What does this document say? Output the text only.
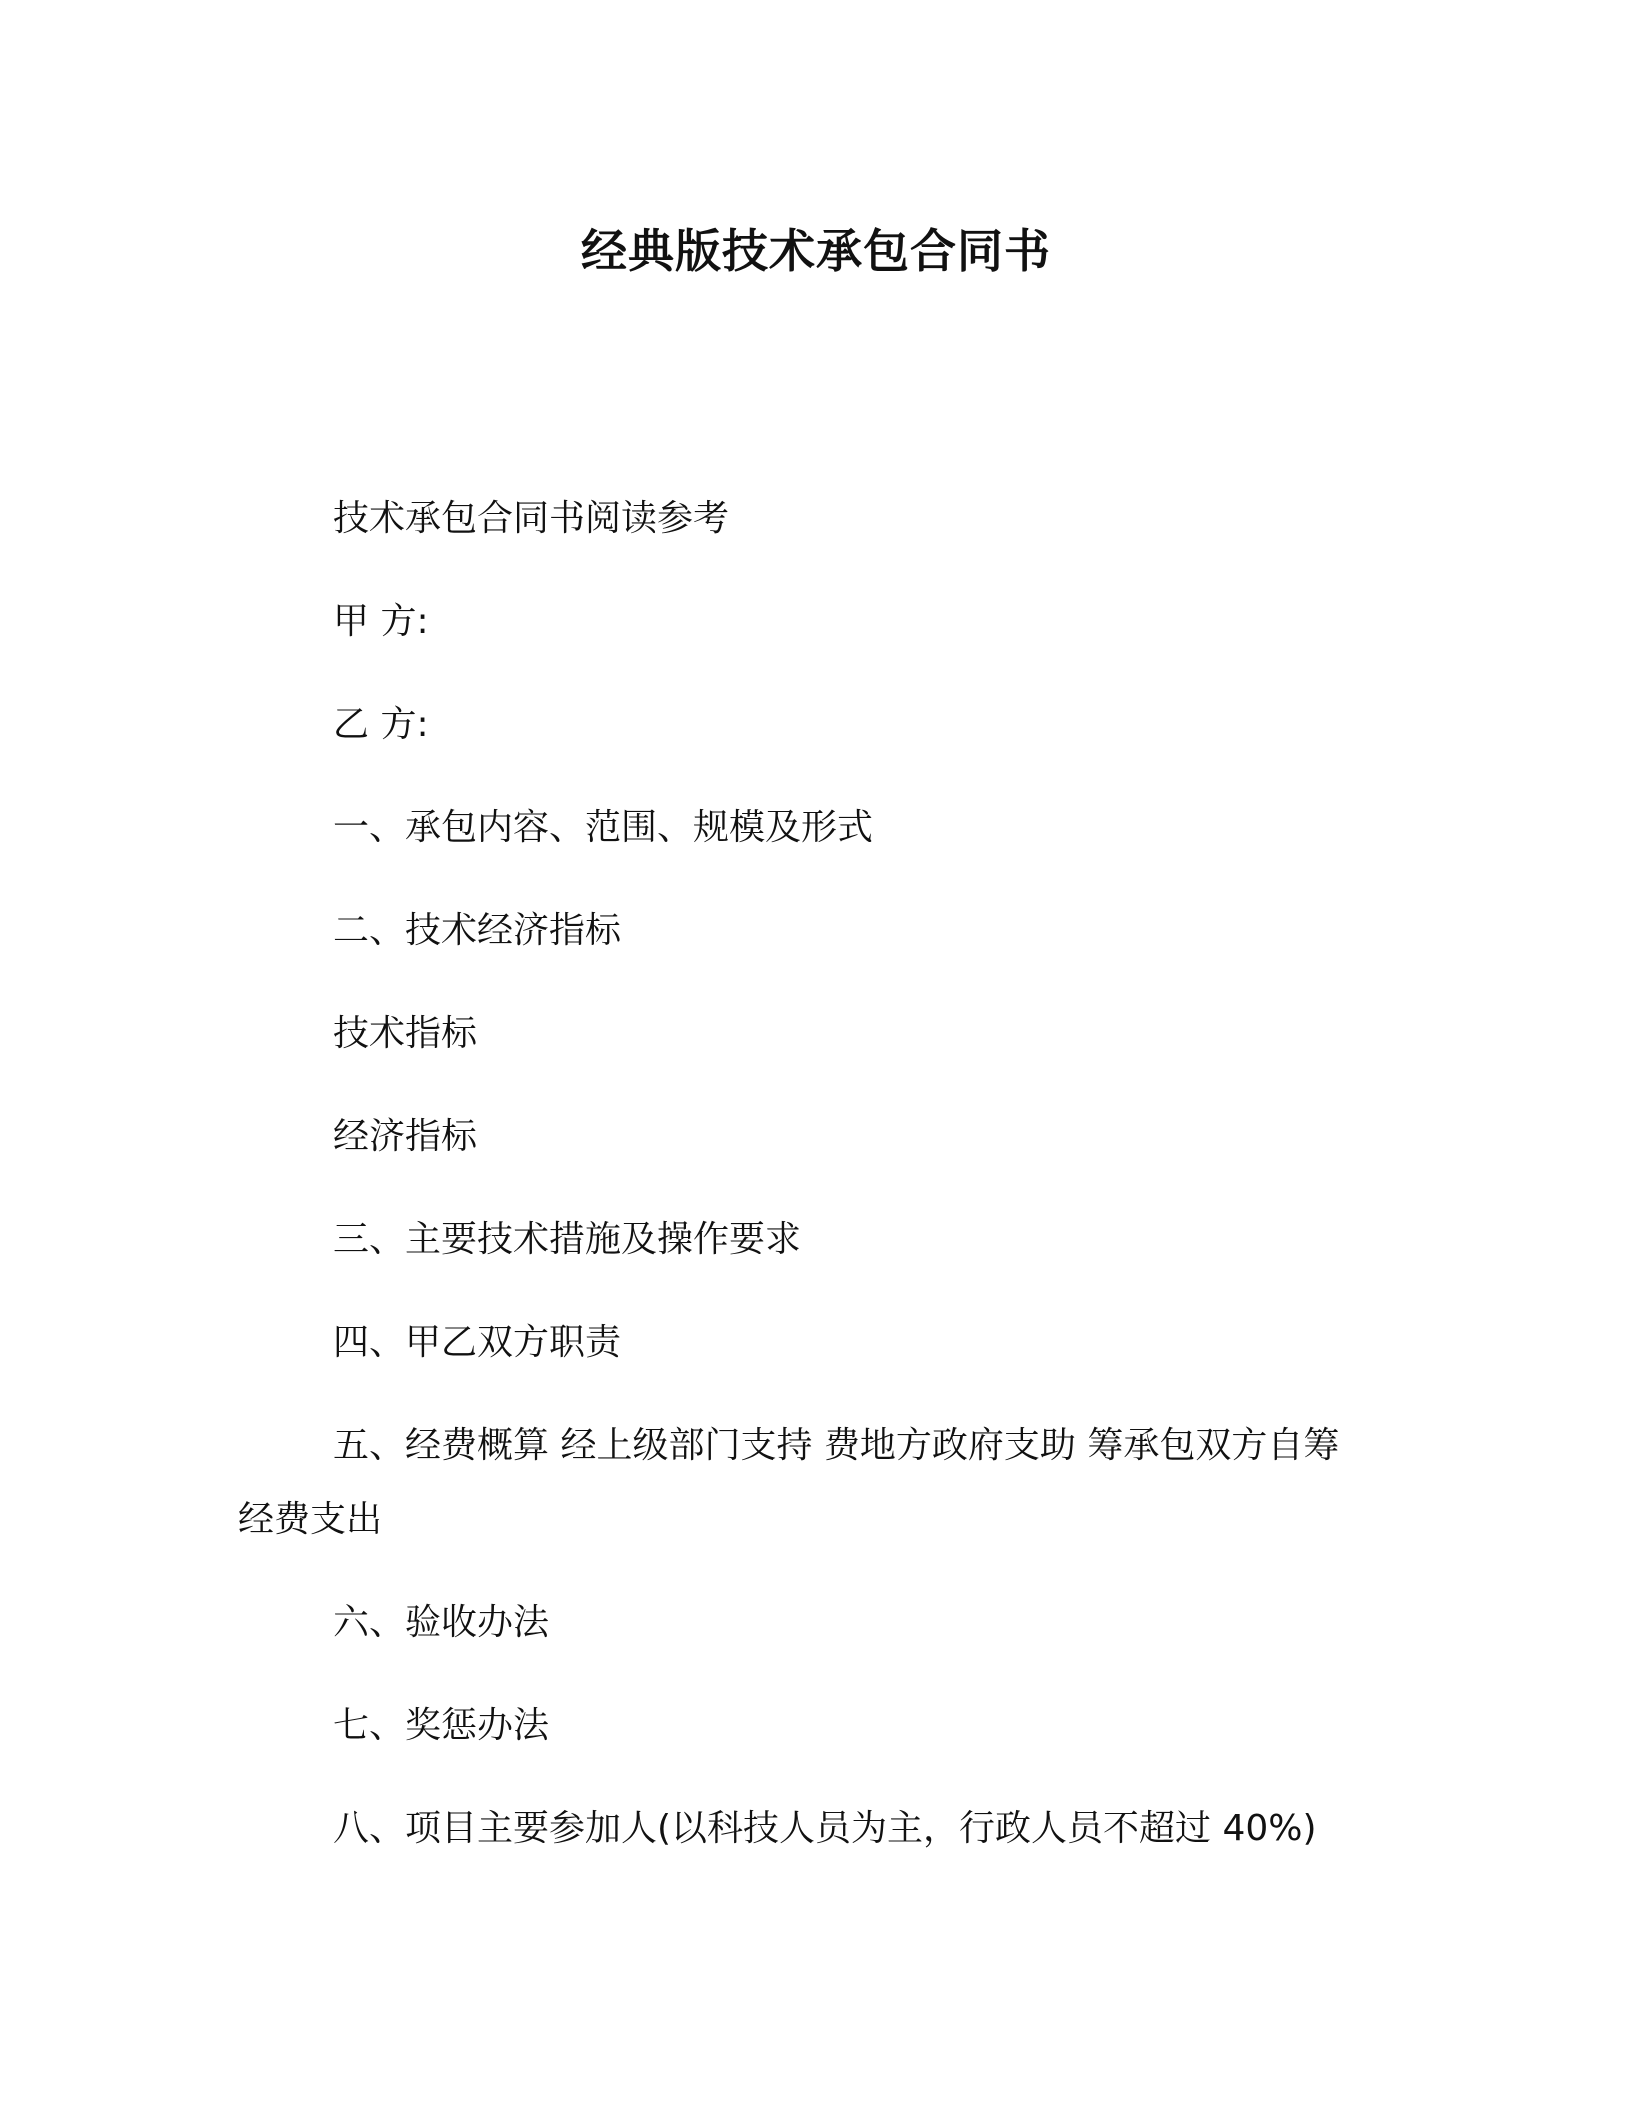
经典版技术承包合同书
技术承包合同书阅读参考
甲 方:
乙 方:
一、承包内容、范围、规模及形式
二、技术经济指标
技术指标
经济指标
三、主要技术措施及操作要求
四、甲乙双方职责
五、经费概算 经上级部门支持 费地方政府支助 筹承包双方自筹经费支出
六、验收办法
七、奖惩办法
八、项目主要参加人(以科技人员为主，行政人员不超过 40%)
